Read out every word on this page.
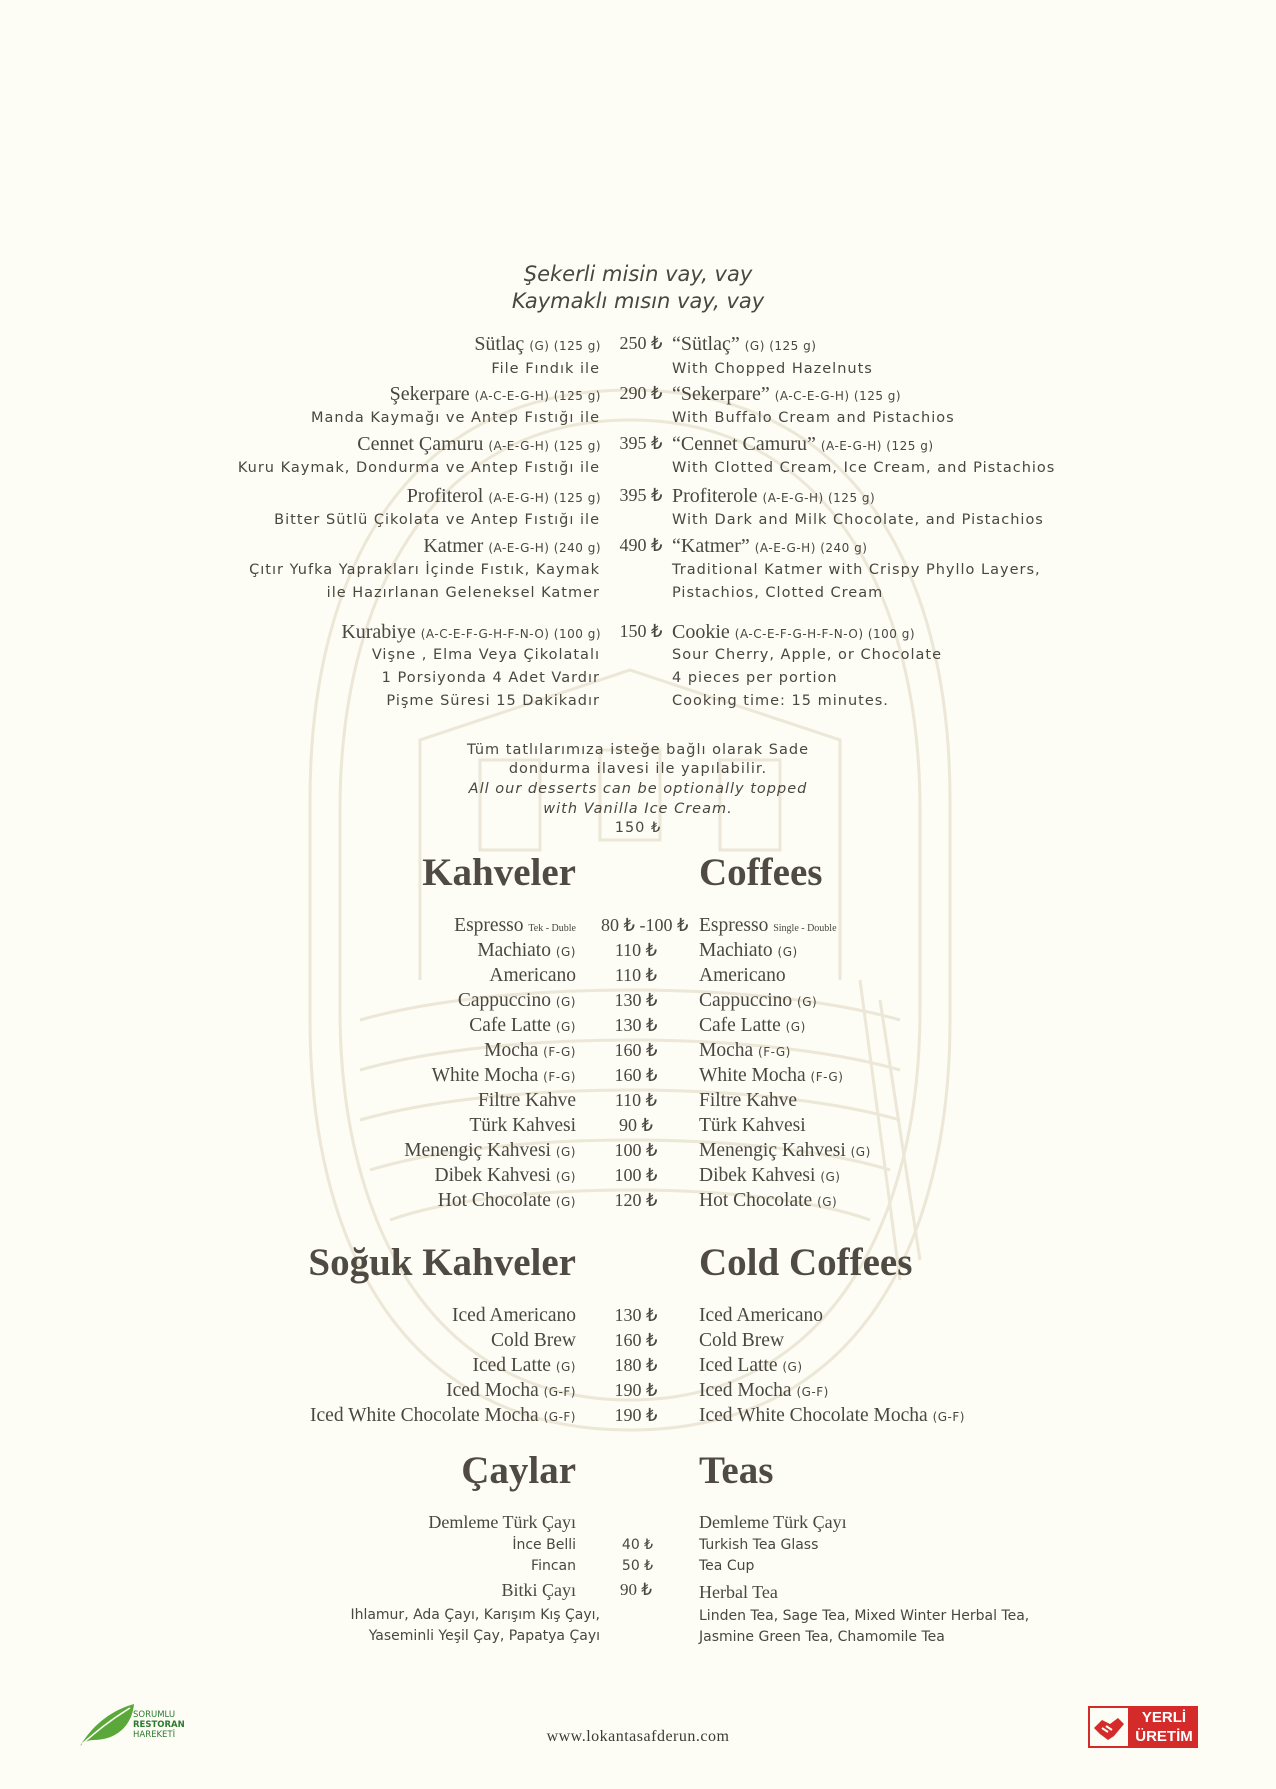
Şekerli misin vay, vay
Kaymaklı mısın vay, vay
Sütlaç (G) (125 g)	250 ₺ “Sütlaç” (G) (125 g)
File Fındık ile	With Chopped Hazelnuts
Şekerpare (A-C-E-G-H) (125 g)	290 ₺ “Sekerpare” (A-C-E-G-H) (125 g)
Manda Kaymağı ve Antep Fıstığı ile	With Buffalo Cream and Pistachios
Cennet Çamuru (A-E-G-H) (125 g)	395 ₺ “Cennet Camuru” (A-E-G-H) (125 g)
Kuru Kaymak, Dondurma ve Antep Fıstığı ile	With Clotted Cream, Ice Cream, and Pistachios
Profiterol (A-E-G-H) (125 g)	395 ₺ Profiterole (A-E-G-H) (125 g)
Bitter Sütlü Çikolata ve Antep Fıstığı ile	With Dark and Milk Chocolate, and Pistachios
Katmer (A-E-G-H) (240 g)	490 ₺ “Katmer” (A-E-G-H) (240 g)
Çıtır Yufka Yaprakları İçinde Fıstık, Kaymak
ile Hazırlanan Geleneksel Katmer
Traditional Katmer with Crispy Phyllo Layers,
Pistachios, Clotted Cream
Kurabiye (A-C-E-F-G-H-F-N-O) (100 g)	150 ₺ Cookie (A-C-E-F-G-H-F-N-O) (100 g)
Vişne , Elma Veya Çikolatalı
1 Porsiyonda 4 Adet Vardır
Pişme Süresi 15 Dakikadır
Sour Cherry, Apple, or Chocolate
4 pieces per portion
Cooking time: 15 minutes.
Tüm tatlılarımıza isteğe bağlı olarak Sade
dondurma ilavesi ile yapılabilir.
All our desserts can be optionally topped
with Vanilla Ice Cream.
150 ₺
Kahveler	Coffees
Espresso Tek - Duble 80 ₺ -100 ₺ Espresso Single - Double
Machiato (G)	110 ₺	Machiato (G)
Americano	110 ₺	Americano
Cappuccino (G)	130 ₺	Cappuccino (G)
Cafe Latte (G)	130 ₺	Cafe Latte (G)
Mocha (F-G)	160 ₺	Mocha (F-G)
White Mocha (F-G)	160 ₺	White Mocha (F-G)
Filtre Kahve	110 ₺	Filtre Kahve
Türk Kahvesi	90 ₺	Türk Kahvesi
Menengiç Kahvesi (G)	100 ₺	Menengiç Kahvesi (G)
Dibek Kahvesi (G)	100 ₺	Dibek Kahvesi (G)
Hot Chocolate (G)	120 ₺	Hot Chocolate (G)
Soğuk Kahveler	Cold Coffees
Iced Americano	130 ₺	Iced Americano
Cold Brew	160 ₺	Cold Brew
Iced Latte (G)	180 ₺	Iced Latte (G)
Iced Mocha (G-F)	190 ₺	Iced Mocha (G-F)
Iced White Chocolate Mocha (G-F)	190 ₺	Iced White Chocolate Mocha (G-F)
Çaylar	Teas
Demleme Türk Çayı	Demleme Türk Çayı
İnce Belli	40 ₺	Turkish Tea Glass
Fincan	50 ₺	Tea Cup
Bitki Çayı	90 ₺	Herbal Tea
Ihlamur, Ada Çayı, Karışım Kış Çayı,
Yaseminli Yeşil Çay, Papatya Çayı
Linden Tea, Sage Tea, Mixed Winter Herbal Tea,
Jasmine Green Tea, Chamomile Tea
SORUMLU
RESTORAN
HAREKETİ	www.lokantasafderun.com
YERLİ
ÜRETİM
